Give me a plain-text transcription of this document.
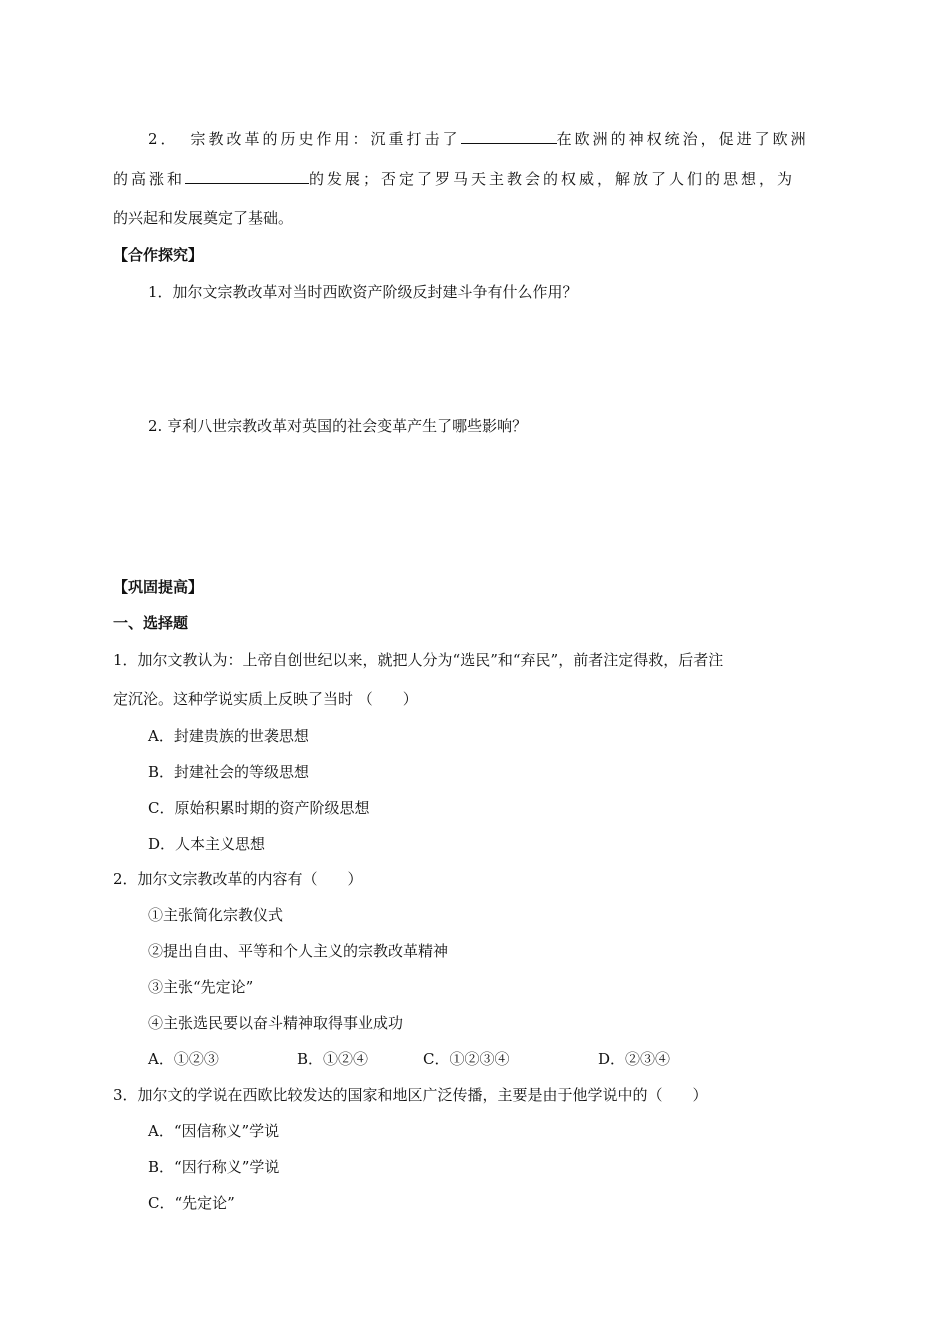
2． 宗教改革的历史作用：沉重打击了	在欧洲的神权统治，促进了欧洲
的高涨和	的发展；否定了罗马天主教会的权威，解放了人们的思想，为
的兴起和发展奠定了基础。
【合作探究】
1．加尔文宗教改革对当时西欧资产阶级反封建斗争有什么作用？
2. 亨利八世宗教改革对英国的社会变革产生了哪些影响？
【巩固提高】
一、选择题
1．加尔文教认为：上帝自创世纪以来，就把人分为“选民”和“弃民”，前者注定得救，后者注
定沉沦。这种学说实质上反映了当时 （　　）
A．封建贵族的世袭思想
B．封建社会的等级思想
C．原始积累时期的资产阶级思想
D．人本主义思想
2．加尔文宗教改革的内容有（　　）
①主张简化宗教仪式
②提出自由、平等和个人主义的宗教改革精神
③主张“先定论”
④主张选民要以奋斗精神取得事业成功
A．①②③	B．①②④	C．①②③④	D．②③④
3．加尔文的学说在西欧比较发达的国家和地区广泛传播，主要是由于他学说中的（　　）
A．“因信称义”学说
B．“因行称义”学说
C．“先定论”
